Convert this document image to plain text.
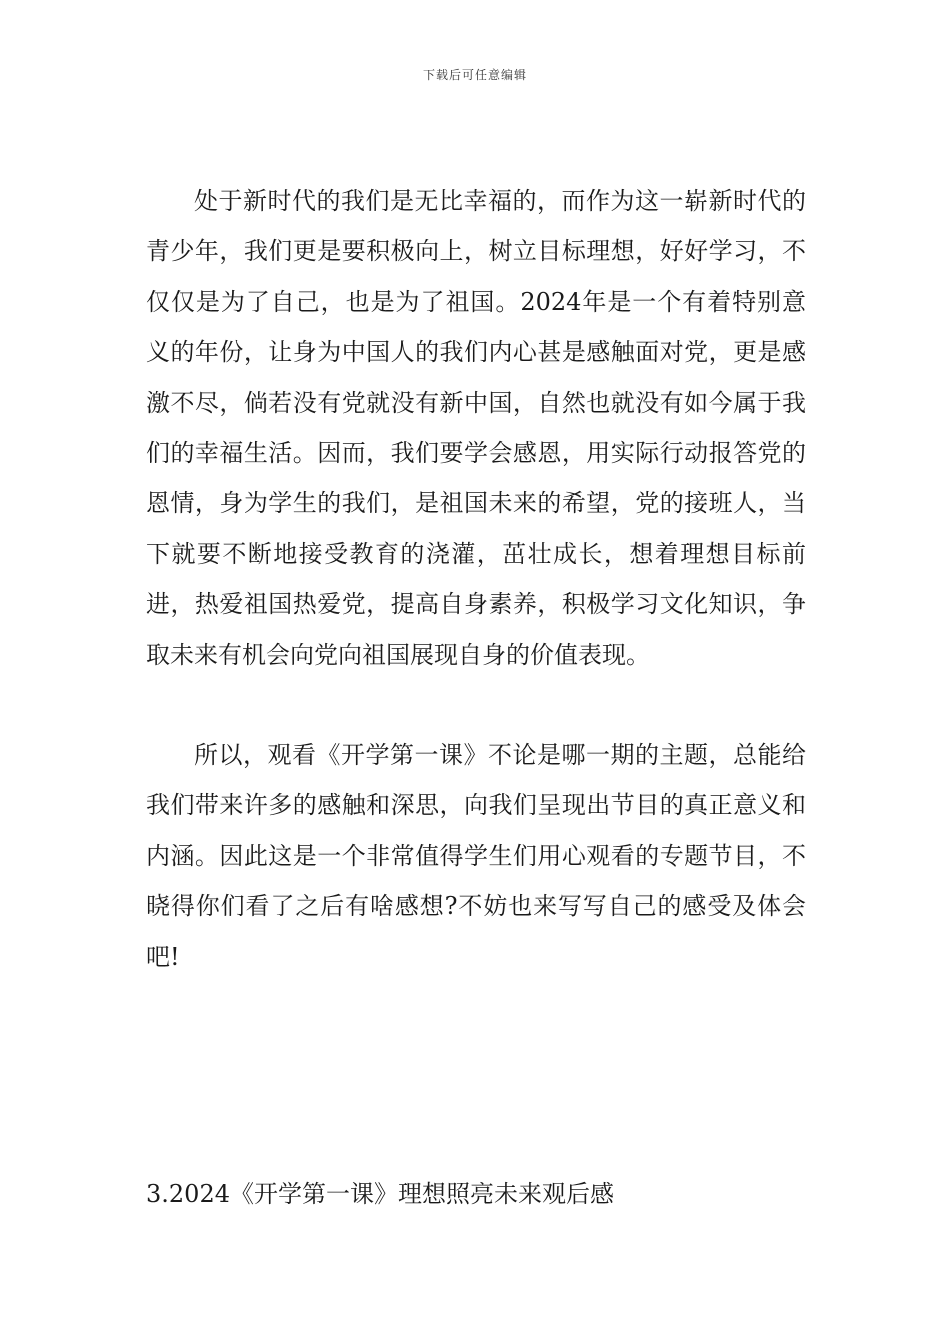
下载后可任意编辑

处于新时代的我们是无比幸福的，而作为这一崭新时代的青少年，我们更是要积极向上，树立目标理想，好好学习，不仅仅是为了自己，也是为了祖国。2024年是一个有着特别意义的年份，让身为中国人的我们内心甚是感触面对党，更是感激不尽，倘若没有党就没有新中国，自然也就没有如今属于我们的幸福生活。因而，我们要学会感恩，用实际行动报答党的恩情，身为学生的我们，是祖国未来的希望，党的接班人，当下就要不断地接受教育的浇灌，茁壮成长，想着理想目标前进，热爱祖国热爱党，提高自身素养，积极学习文化知识，争取未来有机会向党向祖国展现自身的价值表现。

所以，观看《开学第一课》不论是哪一期的主题，总能给我们带来许多的感触和深思，向我们呈现出节目的真正意义和内涵。因此这是一个非常值得学生们用心观看的专题节目，不晓得你们看了之后有啥感想?不妨也来写写自己的感受及体会吧!

3.2024《开学第一课》理想照亮未来观后感
